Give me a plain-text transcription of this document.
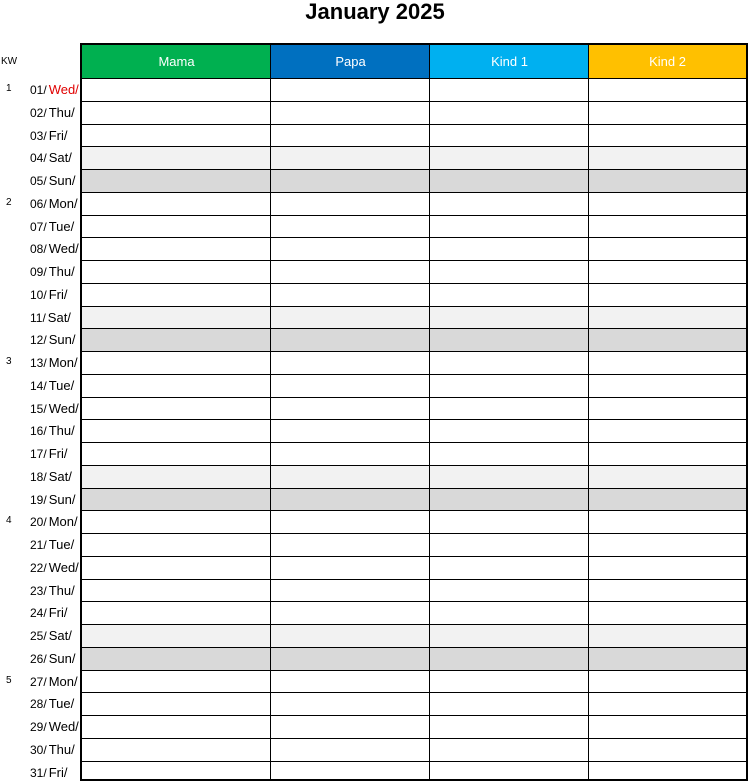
January 2025
KW	Mama	Papa	Kind 1	Kind 2
1 01/ Wed/
02/ Thu/
03/ Fri/
04/ Sat/
05/ Sun/
2 06/ Mon/
07/ Tue/
08/ Wed/
09/ Thu/
10/ Fri/
11/ Sat/
12/ Sun/
3 13/ Mon/
14/ Tue/
15/ Wed/
16/ Thu/
17/ Fri/
18/ Sat/
19/ Sun/
4 20/ Mon/
21/ Tue/
22/ Wed/
23/ Thu/
24/ Fri/
25/ Sat/
26/ Sun/
5 27/ Mon/
28/ Tue/
29/ Wed/
30/ Thu/
31/ Fri/
